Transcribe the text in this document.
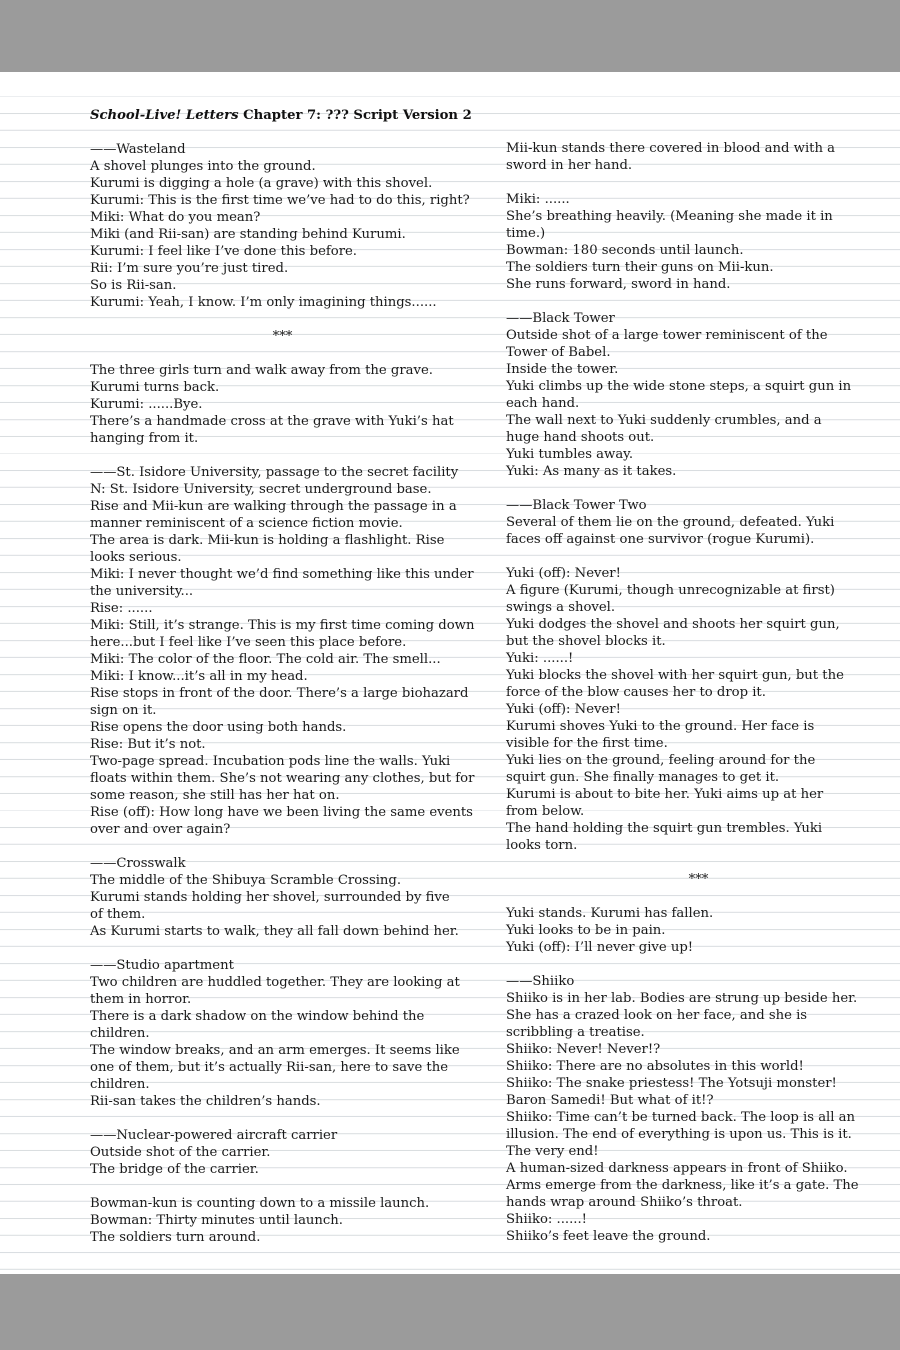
School-Live! Letters Chapter 7: ??? Script Version 2
——Wasteland
A shovel plunges into the ground.
Kurumi is digging a hole (a grave) with this shovel.
Kurumi: This is the first time we’ve had to do this, right?
Miki: What do you mean?
Miki (and Rii-san) are standing behind Kurumi.
Kurumi: I feel like I’ve done this before.
Rii: I’m sure you’re just tired.
So is Rii-san.
Kurumi: Yeah, I know. I’m only imagining things......
***
The three girls turn and walk away from the grave.
Kurumi turns back.
Kurumi: ......Bye.
There’s a handmade cross at the grave with Yuki’s hat
hanging from it.
——St. Isidore University, passage to the secret facility
N: St. Isidore University, secret underground base.
Rise and Mii-kun are walking through the passage in a
manner reminiscent of a science fiction movie.
The area is dark. Mii-kun is holding a flashlight. Rise
looks serious.
Miki: I never thought we’d find something like this under
the university...
Rise: ......
Miki: Still, it’s strange. This is my first time coming down
here...but I feel like I’ve seen this place before.
Miki: The color of the floor. The cold air. The smell...
Miki: I know...it’s all in my head.
Rise stops in front of the door. There’s a large biohazard
sign on it.
Rise opens the door using both hands.
Rise: But it’s not.
Two-page spread. Incubation pods line the walls. Yuki
floats within them. She’s not wearing any clothes, but for
some reason, she still has her hat on.
Rise (off): How long have we been living the same events
over and over again?
——Crosswalk
The middle of the Shibuya Scramble Crossing.
Kurumi stands holding her shovel, surrounded by five
of them.
As Kurumi starts to walk, they all fall down behind her.
——Studio apartment
Two children are huddled together. They are looking at
them in horror.
There is a dark shadow on the window behind the
children.
The window breaks, and an arm emerges. It seems like
one of them, but it’s actually Rii-san, here to save the
children.
Rii-san takes the children’s hands.
——Nuclear-powered aircraft carrier
Outside shot of the carrier.
The bridge of the carrier.
Bowman-kun is counting down to a missile launch.
Bowman: Thirty minutes until launch.
The soldiers turn around.
Mii-kun stands there covered in blood and with a
sword in her hand.
Miki: ......
She’s breathing heavily. (Meaning she made it in
time.)
Bowman: 180 seconds until launch.
The soldiers turn their guns on Mii-kun.
She runs forward, sword in hand.
——Black Tower
Outside shot of a large tower reminiscent of the
Tower of Babel.
Inside the tower.
Yuki climbs up the wide stone steps, a squirt gun in
each hand.
The wall next to Yuki suddenly crumbles, and a
huge hand shoots out.
Yuki tumbles away.
Yuki: As many as it takes.
——Black Tower Two
Several of them lie on the ground, defeated. Yuki
faces off against one survivor (rogue Kurumi).
Yuki (off): Never!
A figure (Kurumi, though unrecognizable at first)
swings a shovel.
Yuki dodges the shovel and shoots her squirt gun,
but the shovel blocks it.
Yuki: ......!
Yuki blocks the shovel with her squirt gun, but the
force of the blow causes her to drop it.
Yuki (off): Never!
Kurumi shoves Yuki to the ground. Her face is
visible for the first time.
Yuki lies on the ground, feeling around for the
squirt gun. She finally manages to get it.
Kurumi is about to bite her. Yuki aims up at her
from below.
The hand holding the squirt gun trembles. Yuki
looks torn.
***
Yuki stands. Kurumi has fallen.
Yuki looks to be in pain.
Yuki (off): I’ll never give up!
——Shiiko
Shiiko is in her lab. Bodies are strung up beside her.
She has a crazed look on her face, and she is
scribbling a treatise.
Shiiko: Never! Never!?
Shiiko: There are no absolutes in this world!
Shiiko: The snake priestess! The Yotsuji monster!
Baron Samedi! But what of it!?
Shiiko: Time can’t be turned back. The loop is all an
illusion. The end of everything is upon us. This is it.
The very end!
A human-sized darkness appears in front of Shiiko.
Arms emerge from the darkness, like it’s a gate. The
hands wrap around Shiiko’s throat.
Shiiko: ......!
Shiiko’s feet leave the ground.
